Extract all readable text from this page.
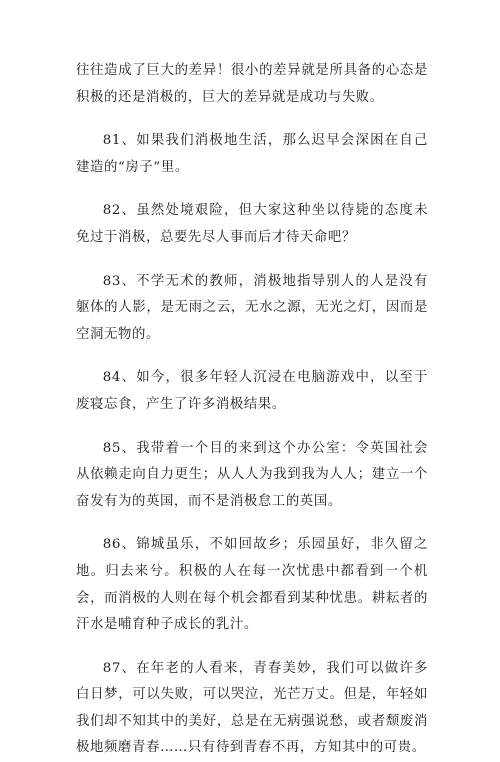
往往造成了巨大的差异！很小的差异就是所具备的心态是积极的还是消极的，巨大的差异就是成功与失败。

81、如果我们消极地生活，那么迟早会深困在自己建造的“房子”里。

82、虽然处境艰险，但大家这种坐以待毙的态度未免过于消极，总要先尽人事而后才待天命吧？

83、不学无术的教师，消极地指导别人的人是没有躯体的人影，是无雨之云，无水之源，无光之灯，因而是空洞无物的。

84、如今，很多年轻人沉浸在电脑游戏中，以至于废寝忘食，产生了许多消极结果。

85、我带着一个目的来到这个办公室：令英国社会从依赖走向自力更生；从人人为我到我为人人；建立一个奋发有为的英国，而不是消极怠工的英国。

86、锦城虽乐，不如回故乡；乐园虽好，非久留之地。归去来兮。积极的人在每一次忧患中都看到一个机会，而消极的人则在每个机会都看到某种忧患。耕耘者的汗水是哺育种子成长的乳汁。

87、在年老的人看来，青春美妙，我们可以做许多白日梦，可以失败，可以哭泣，光芒万丈。但是，年轻如我们却不知其中的美好，总是在无病强说愁，或者颓废消极地频磨青春……只有待到青春不再，方知其中的可贵。
